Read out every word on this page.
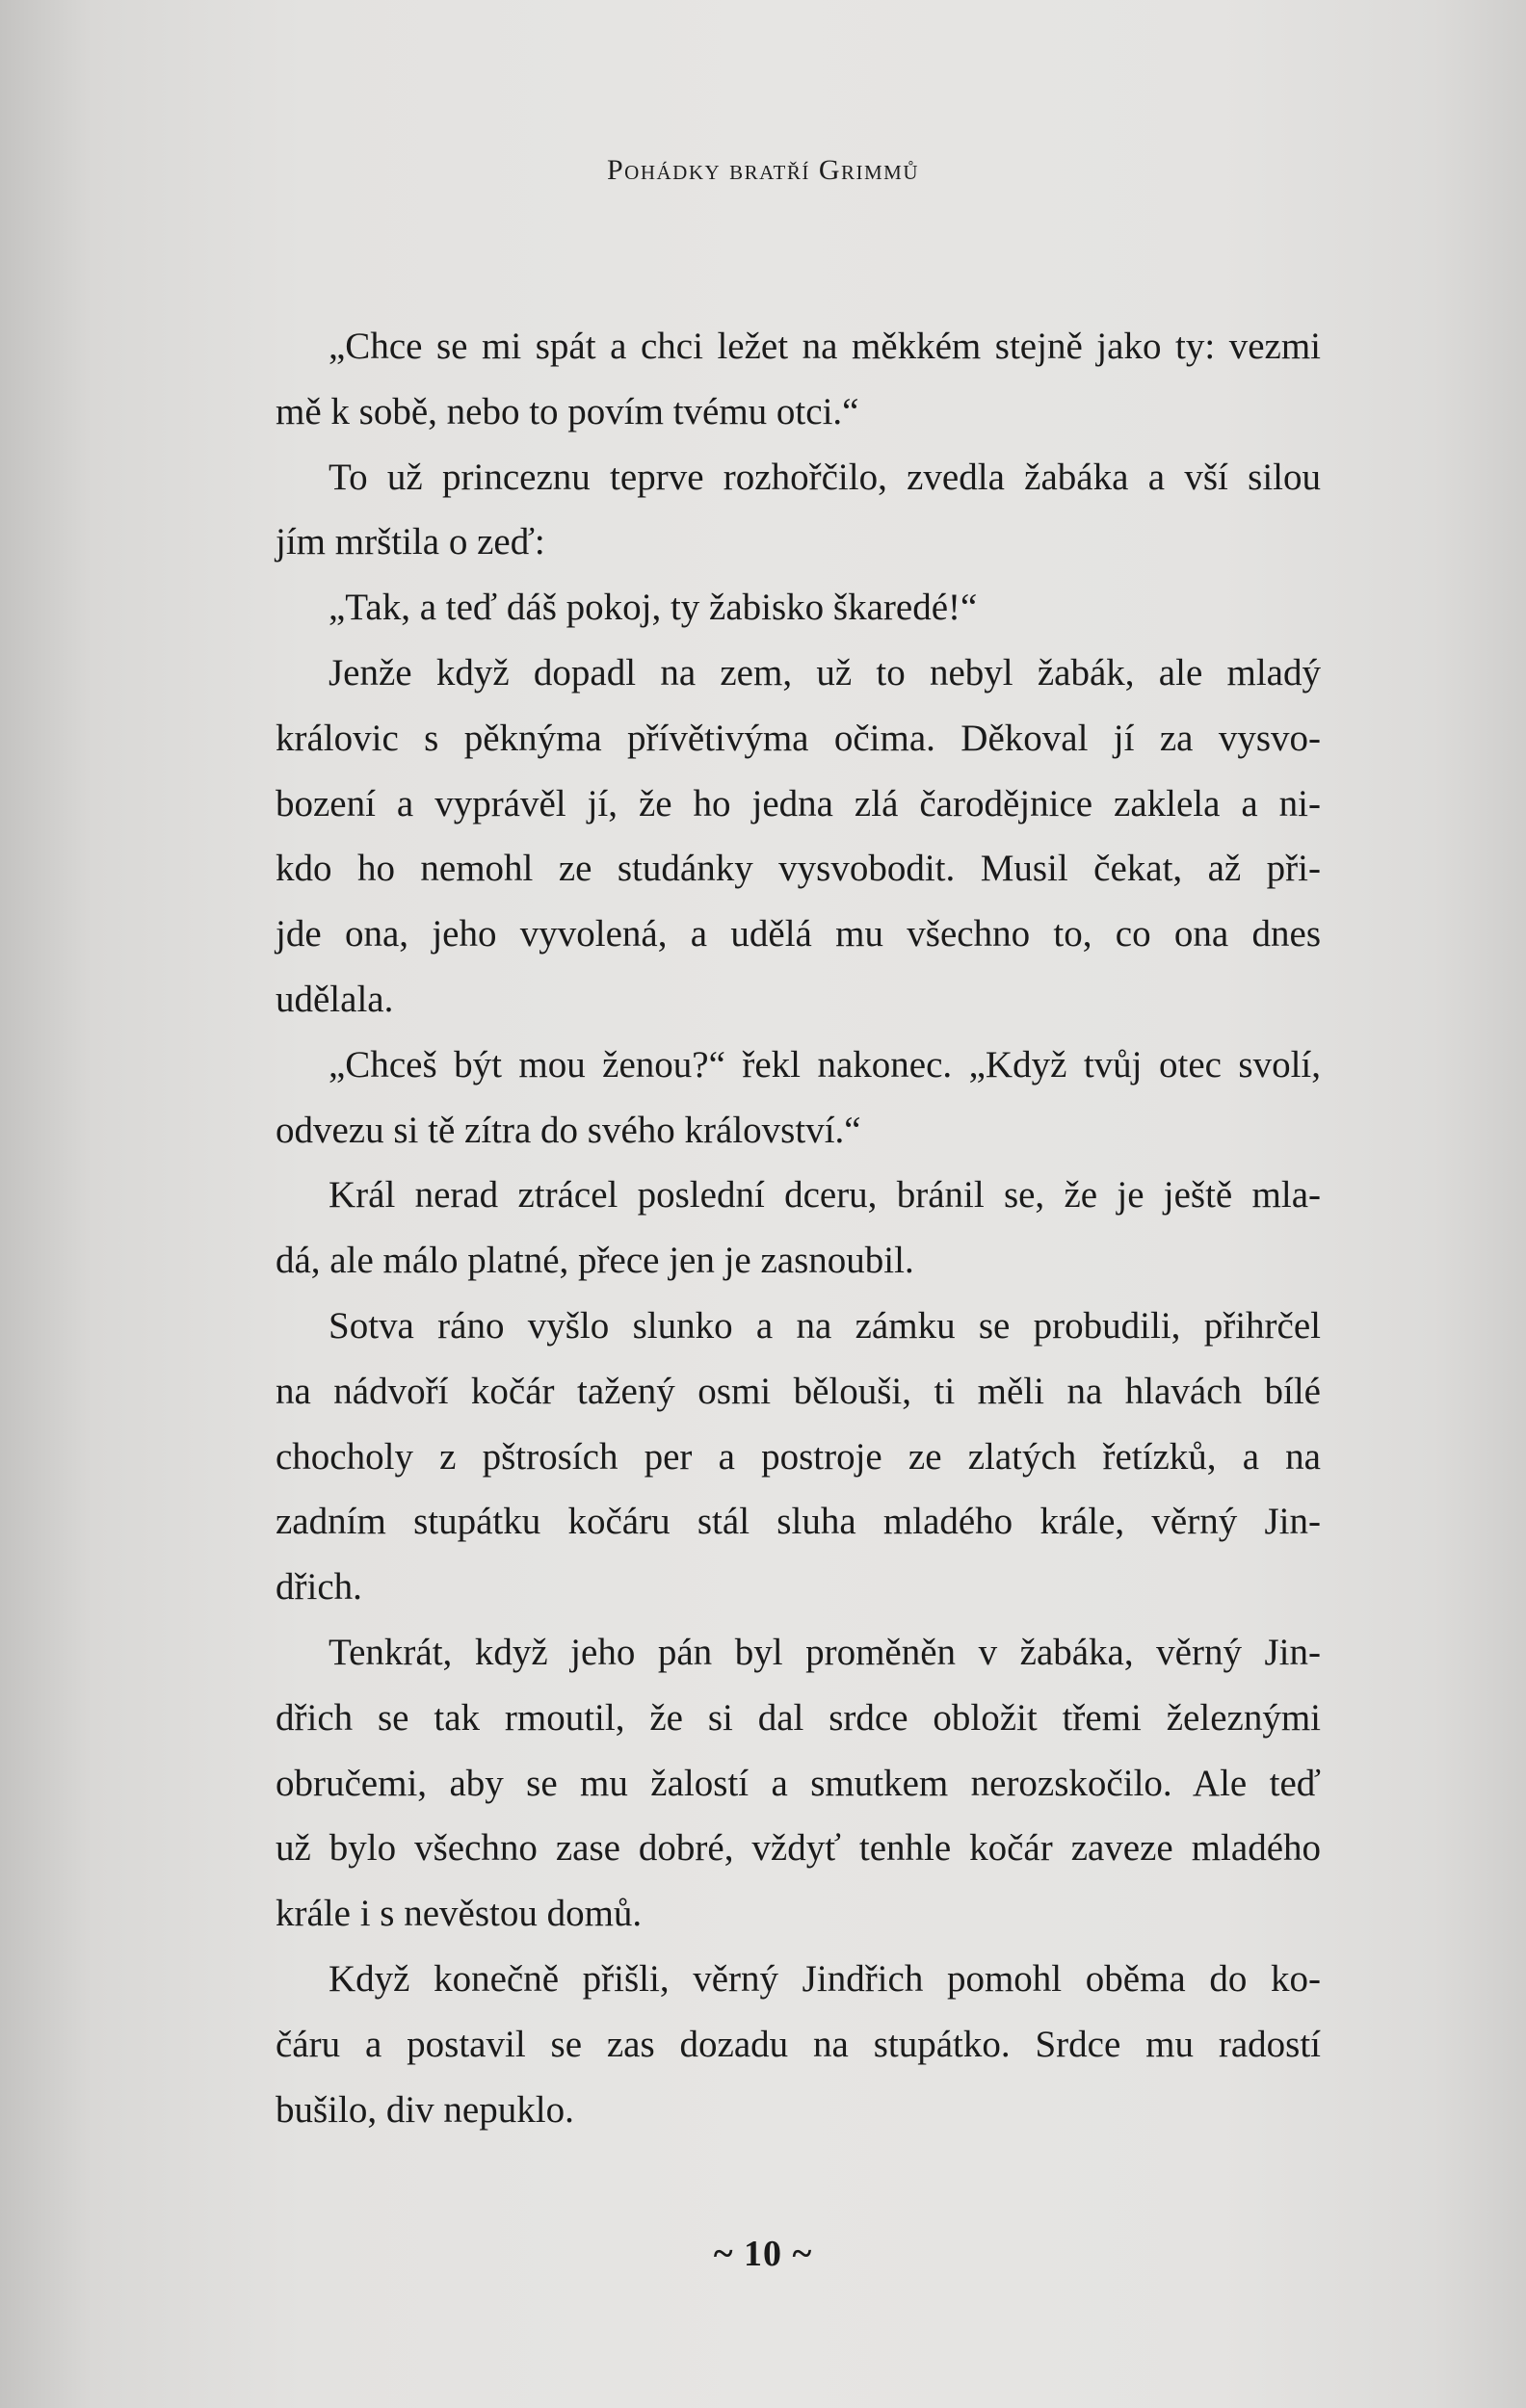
Pohádky bratří Grimmů

„Chce se mi spát a chci ležet na měkkém stejně jako ty: vezmi
mě k sobě, nebo to povím tvému otci.“

To už princeznu teprve rozhořčilo, zvedla žabáka a vší silou
jím mrštila o zeď:

„Tak, a teď dáš pokoj, ty žabisko škaredé!“

Jenže když dopadl na zem, už to nebyl žabák, ale mladý
královic s pěknýma přívětivýma očima. Děkoval jí za vysvo-
bození a vyprávěl jí, že ho jedna zlá čarodějnice zaklela a ni-
kdo ho nemohl ze studánky vysvobodit. Musil čekat, až při-
jde ona, jeho vyvolená, a udělá mu všechno to, co ona dnes
udělala.

„Chceš být mou ženou?“ řekl nakonec. „Když tvůj otec svolí,
odvezu si tě zítra do svého království.“

Král nerad ztrácel poslední dceru, bránil se, že je ještě mla-
dá, ale málo platné, přece jen je zasnoubil.

Sotva ráno vyšlo slunko a na zámku se probudili, přihrčel
na nádvoří kočár tažený osmi bělouši, ti měli na hlavách bílé
chocholy z pštrosích per a postroje ze zlatých řetízků, a na
zadním stupátku kočáru stál sluha mladého krále, věrný Jin-
dřich.

Tenkrát, když jeho pán byl proměněn v žabáka, věrný Jin-
dřich se tak rmoutil, že si dal srdce obložit třemi železnými
obručemi, aby se mu žalostí a smutkem nerozskočilo. Ale teď
už bylo všechno zase dobré, vždyť tenhle kočár zaveze mladého
krále i s nevěstou domů.

Když konečně přišli, věrný Jindřich pomohl oběma do ko-
čáru a postavil se zas dozadu na stupátko. Srdce mu radostí
bušilo, div nepuklo.

~ 10 ~
